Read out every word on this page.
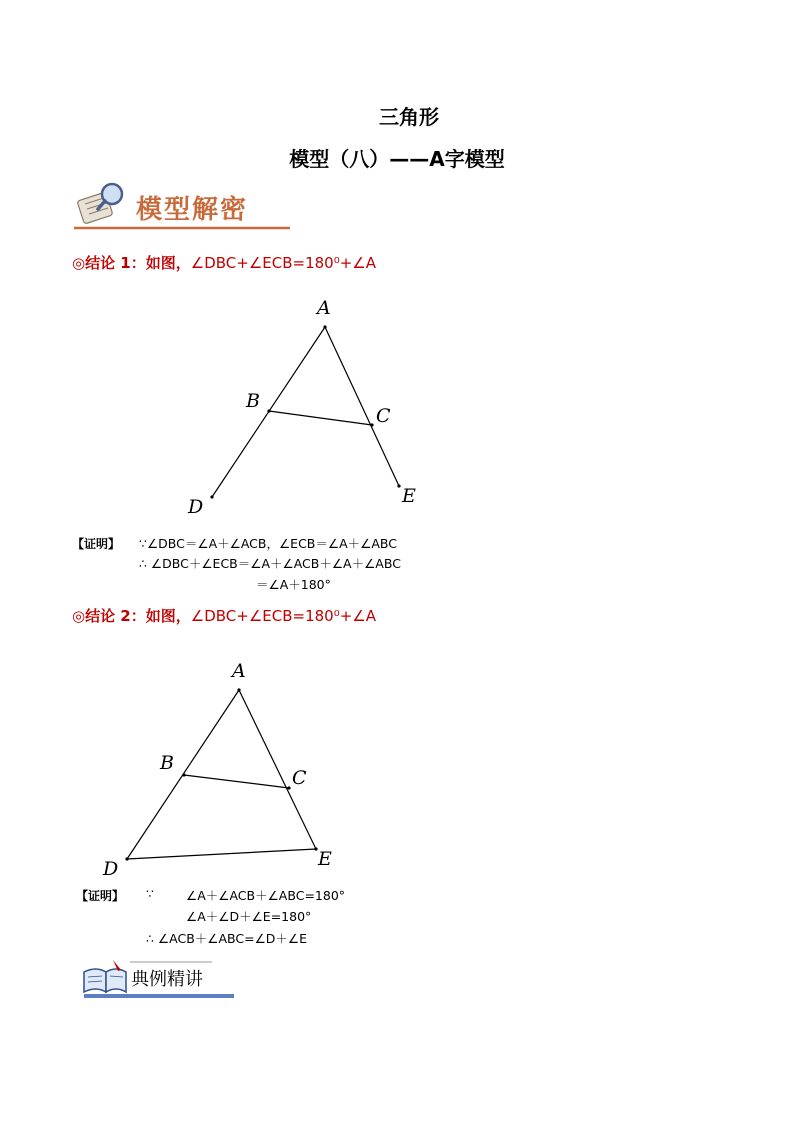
三角形
模型（八）——A字模型
模型解密
◎结论 1：如图，∠DBC+∠ECB=180⁰+∠A
A
B
C
D	E
【证明】 ∵∠DBC＝∠A＋∠ACB，∠ECB＝∠A＋∠ABC
∴ ∠DBC＋∠ECB＝∠A＋∠ACB＋∠A＋∠ABC
＝∠A＋180°
◎结论 2：如图，∠DBC+∠ECB=180⁰+∠A
A
B
C
D	E
【证明】 ∵	∠A＋∠ACB＋∠ABC=180°
∠A＋∠D＋∠E=180°
∴ ∠ACB＋∠ABC=∠D＋∠E
典例精讲
